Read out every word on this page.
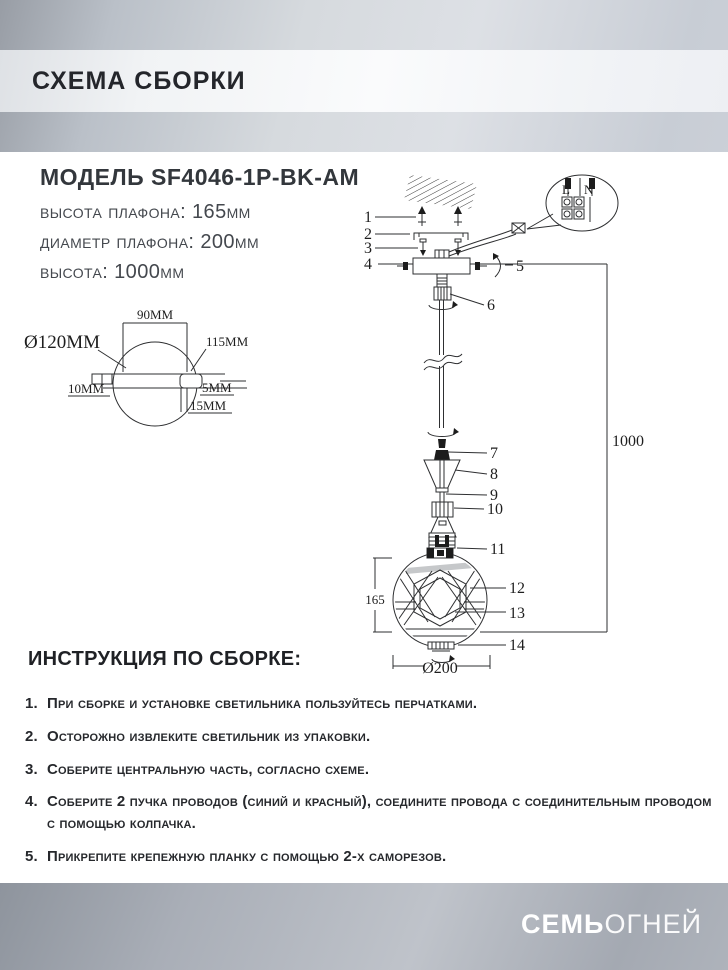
СХЕМА СБОРКИ
МОДЕЛЬ SF4046-1P-BK-AM
высота плафона: 165мм
диаметр плафона: 200мм
высота: 1000мм
90MM
Ø120MM	115MM
10MM	5MM
15MM
1000
1
2
3
L N
4	5
6
7
8
9
10
11
12
13
14
165
Ø200
ИНСТРУКЦИЯ ПО СБОРКЕ:
1. При сборке и установке светильника пользуйтесь перчатками.
2. Осторожно извлеките светильник из упаковки.
3. Соберите центральную часть, согласно схеме.
4. Соберите 2 пучка проводов (синий и красный), соедините провода с соединительным проводом с помощью колпачка.
5. Прикрепите крепежную планку с помощью 2-х саморезов.
СЕМЬОГНЕЙ
